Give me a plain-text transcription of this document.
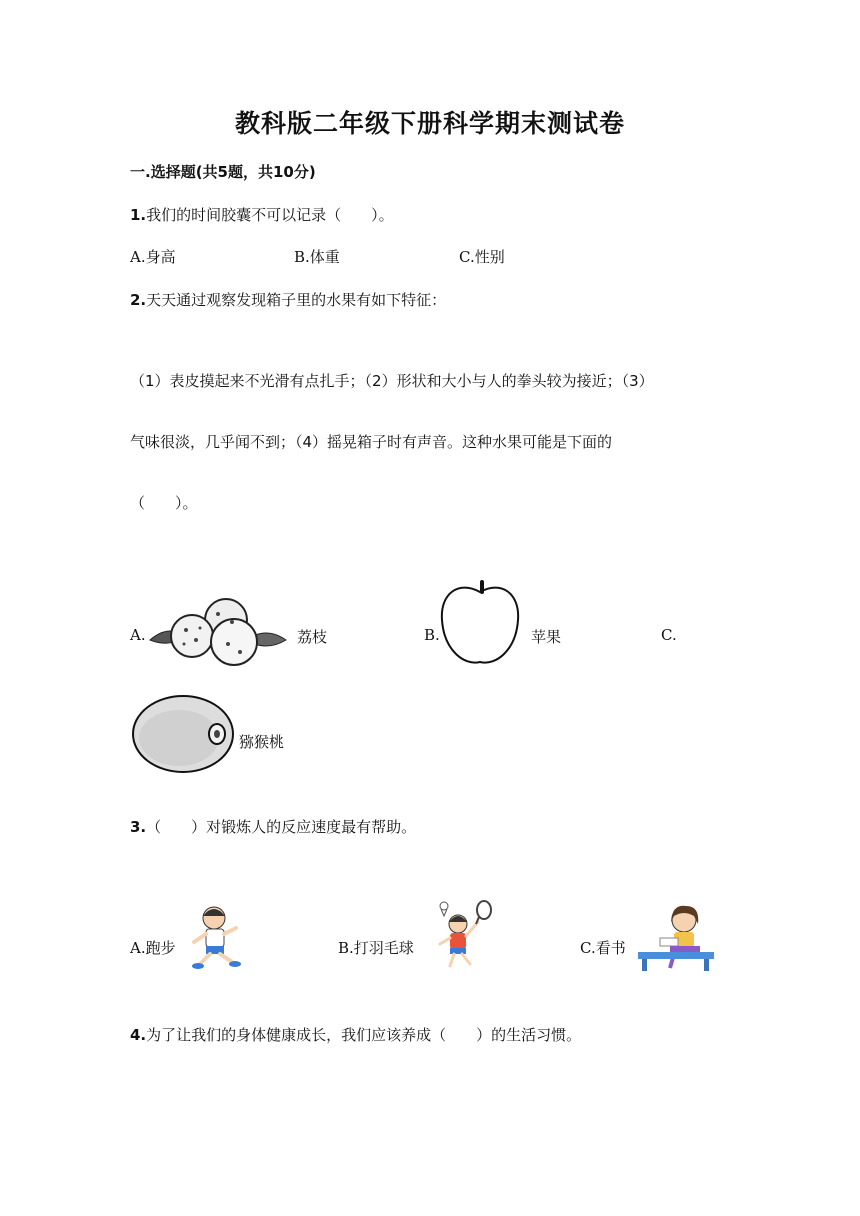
教科版二年级下册科学期末测试卷
一.选择题(共5题，共10分)
1.我们的时间胶囊不可以记录（　　）。
A.身高	B.体重	C.性别
2.天天通过观察发现箱子里的水果有如下特征：
（1）表皮摸起来不光滑有点扎手；（2）形状和大小与人的拳头较为接近；（3）
气味很淡，几乎闻不到；（4）摇晃箱子时有声音。这种水果可能是下面的
（　　）。
A.	荔枝	B.	苹果	C.
猕猴桃
3.（　　）对锻炼人的反应速度最有帮助。
A.跑步	B.打羽毛球	C.看书
4.为了让我们的身体健康成长，我们应该养成（　　）的生活习惯。
